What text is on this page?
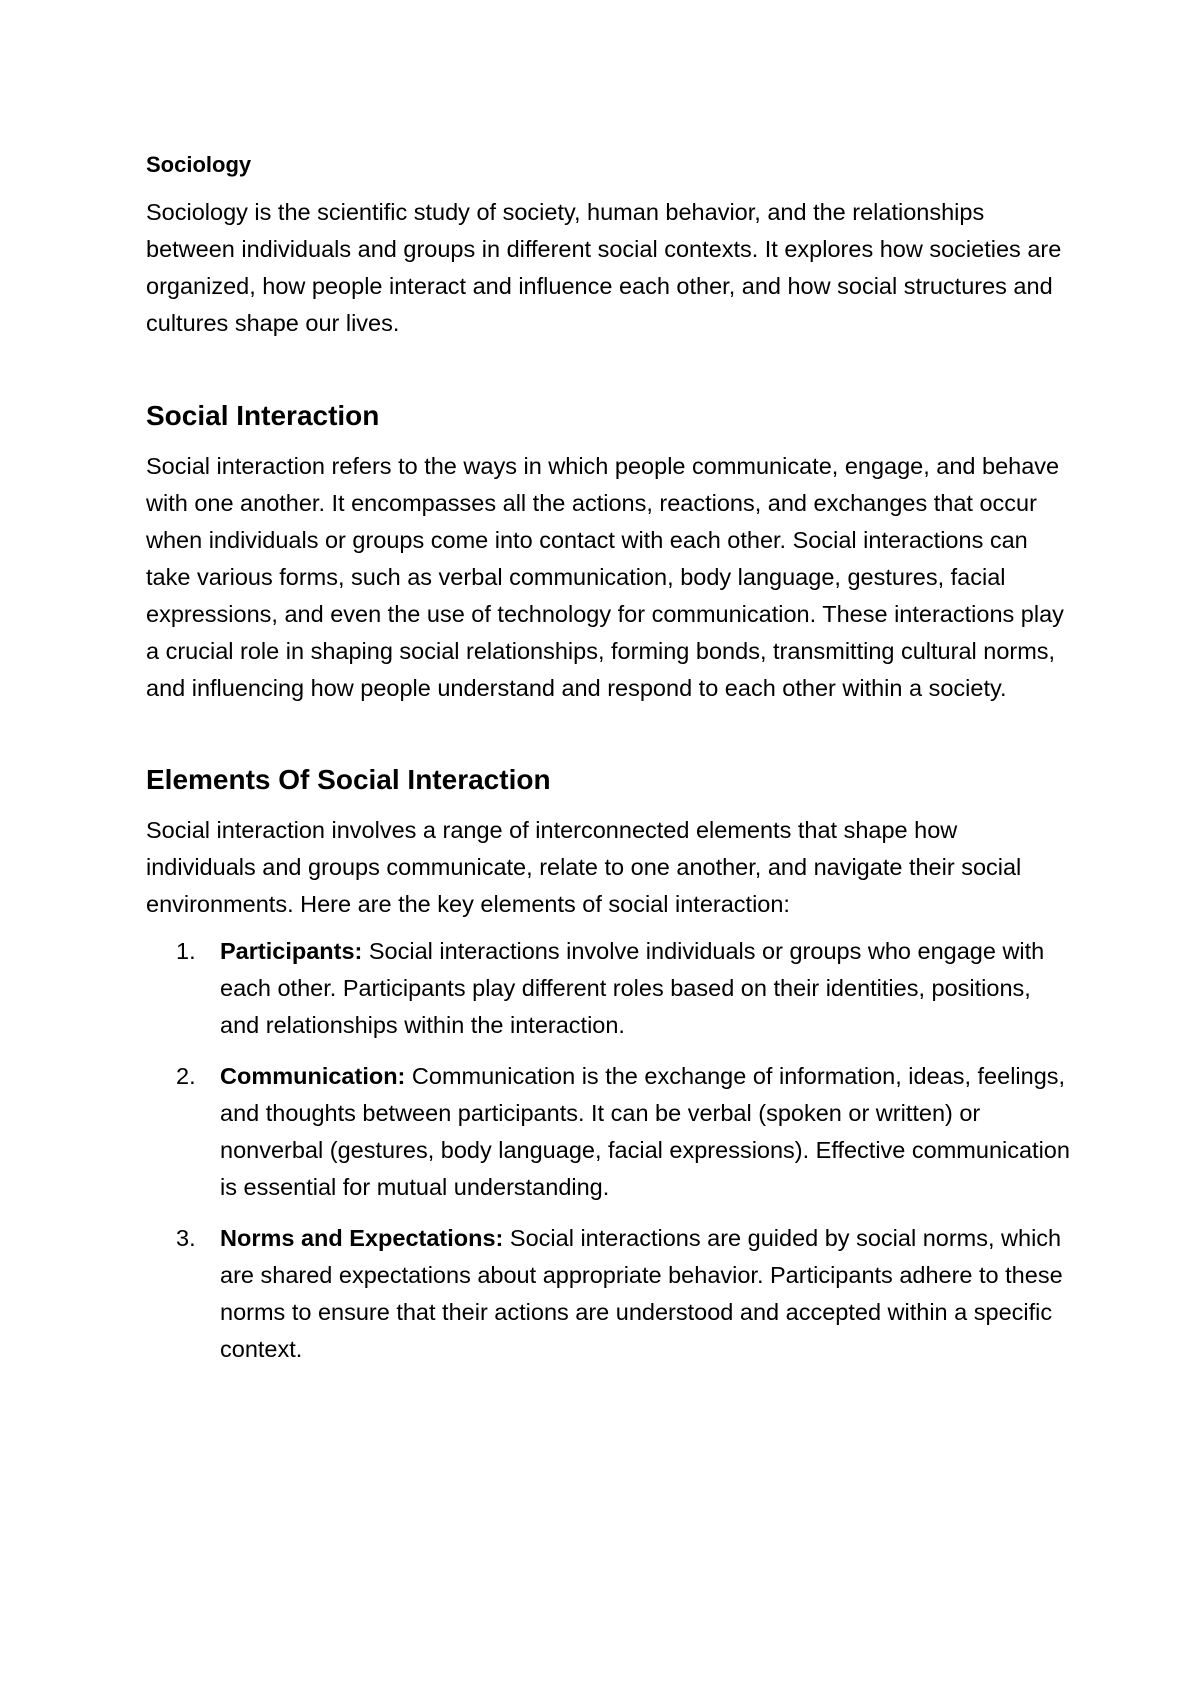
Sociology

Sociology is the scientific study of society, human behavior, and the relationships between individuals and groups in different social contexts. It explores how societies are organized, how people interact and influence each other, and how social structures and cultures shape our lives.

Social Interaction

Social interaction refers to the ways in which people communicate, engage, and behave with one another. It encompasses all the actions, reactions, and exchanges that occur when individuals or groups come into contact with each other. Social interactions can take various forms, such as verbal communication, body language, gestures, facial expressions, and even the use of technology for communication. These interactions play a crucial role in shaping social relationships, forming bonds, transmitting cultural norms, and influencing how people understand and respond to each other within a society.

Elements Of Social Interaction

Social interaction involves a range of interconnected elements that shape how individuals and groups communicate, relate to one another, and navigate their social environments. Here are the key elements of social interaction:

1. Participants: Social interactions involve individuals or groups who engage with each other. Participants play different roles based on their identities, positions, and relationships within the interaction.
2. Communication: Communication is the exchange of information, ideas, feelings, and thoughts between participants. It can be verbal (spoken or written) or nonverbal (gestures, body language, facial expressions). Effective communication is essential for mutual understanding.
3. Norms and Expectations: Social interactions are guided by social norms, which are shared expectations about appropriate behavior. Participants adhere to these norms to ensure that their actions are understood and accepted within a specific context.
